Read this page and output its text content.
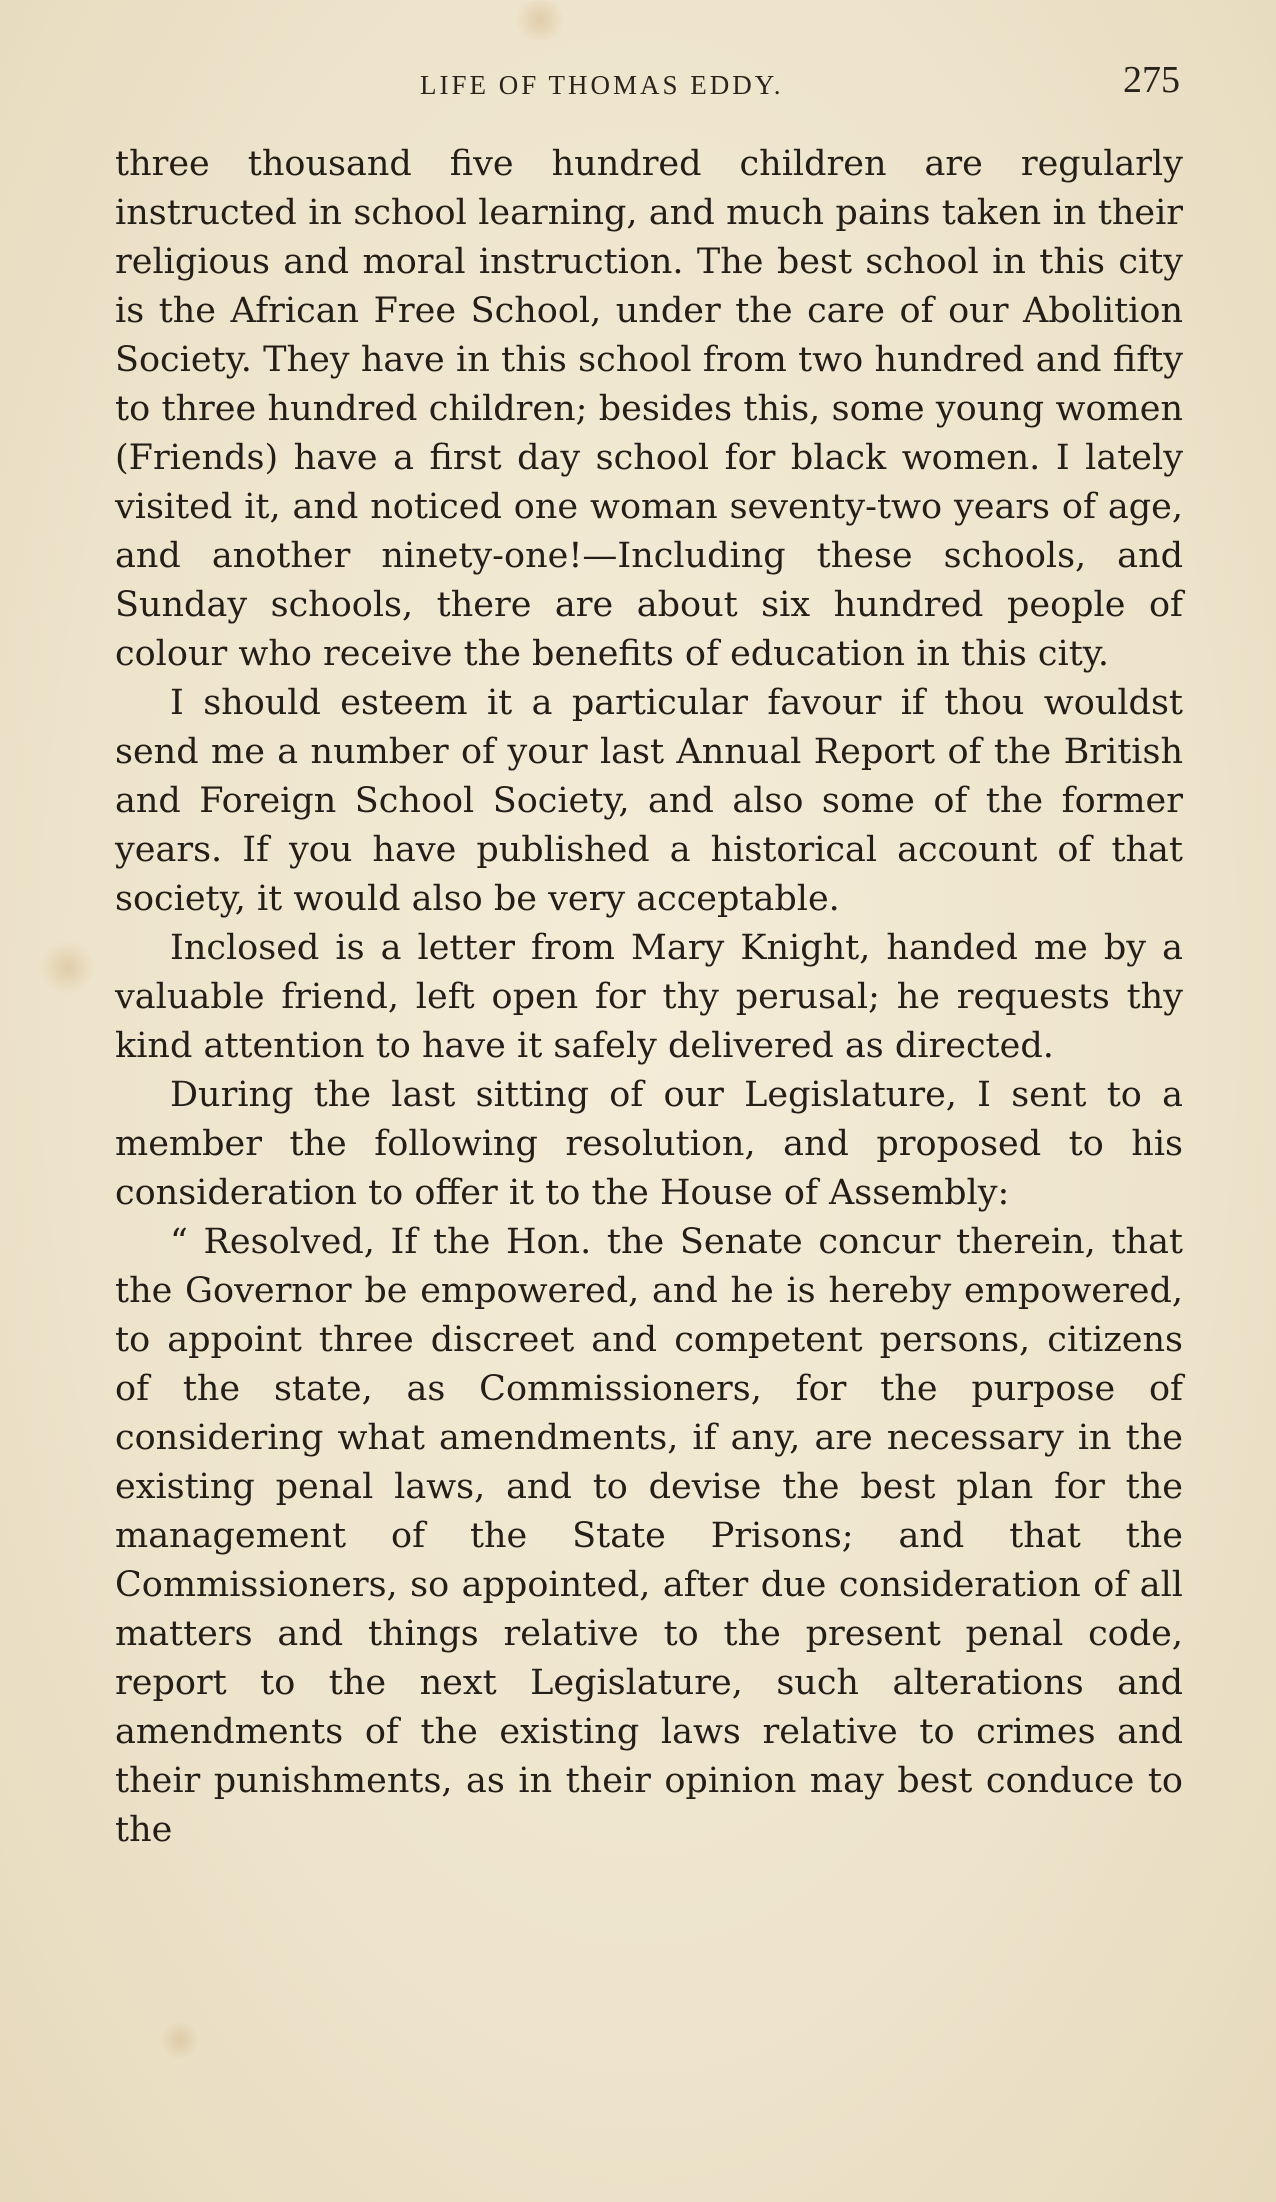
LIFE OF THOMAS EDDY.	275

three thousand five hundred children are regularly instructed in school learning, and much pains taken in their religious and moral instruction. The best school in this city is the African Free School, under the care of our Abolition Society. They have in this school from two hundred and fifty to three hundred children; besides this, some young women (Friends) have a first day school for black women. I lately visited it, and noticed one woman seventy-two years of age, and another ninety-one!—Including these schools, and Sunday schools, there are about six hundred people of colour who receive the benefits of education in this city.

I should esteem it a particular favour if thou wouldst send me a number of your last Annual Report of the British and Foreign School Society, and also some of the former years. If you have published a historical account of that society, it would also be very acceptable.

Inclosed is a letter from Mary Knight, handed me by a valuable friend, left open for thy perusal; he requests thy kind attention to have it safely delivered as directed.

During the last sitting of our Legislature, I sent to a member the following resolution, and proposed to his consideration to offer it to the House of Assembly:

“ Resolved, If the Hon. the Senate concur therein, that the Governor be empowered, and he is hereby empowered, to appoint three discreet and competent persons, citizens of the state, as Commissioners, for the purpose of considering what amendments, if any, are necessary in the existing penal laws, and to devise the best plan for the management of the State Prisons; and that the Commissioners, so appointed, after due consideration of all matters and things relative to the present penal code, report to the next Legislature, such alterations and amendments of the existing laws relative to crimes and their punishments, as in their opinion may best conduce to the
